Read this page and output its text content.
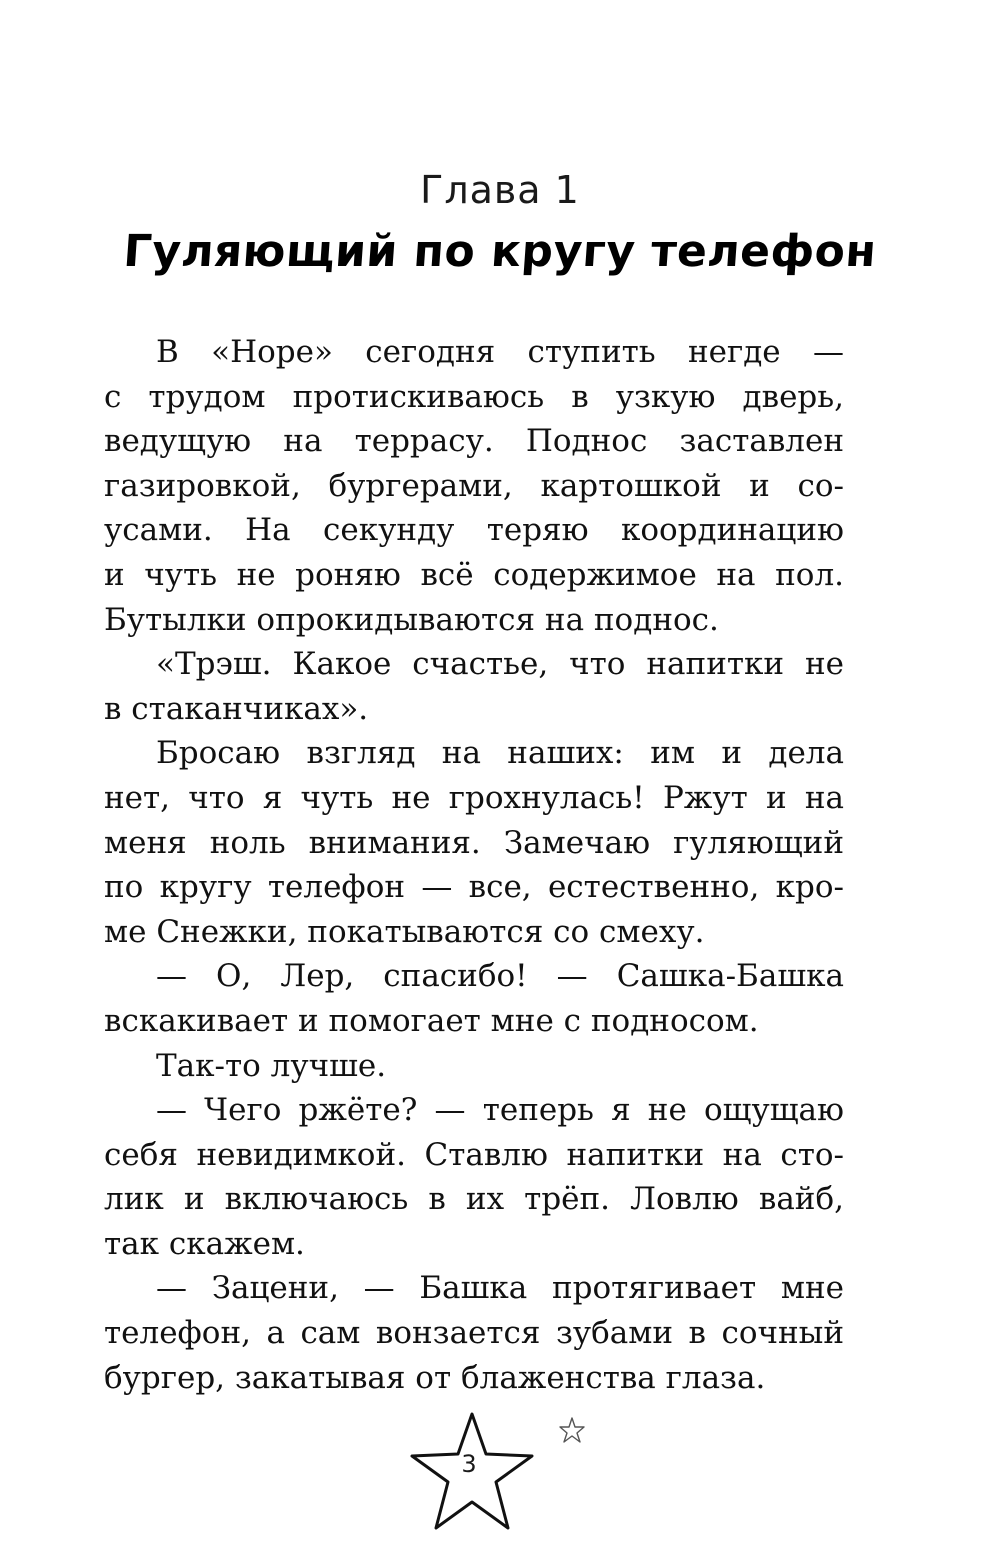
Глава 1
Гуляющий по кругу телефон
В «Норе» сегодня ступить негде —
с трудом протискиваюсь в узкую дверь,
ведущую на террасу. Поднос заставлен
газировкой, бургерами, картошкой и со-
усами. На секунду теряю координацию
и чуть не роняю всё содержимое на пол.
Бутылки опрокидываются на поднос.
«Трэш. Какое счастье, что напитки не
в стаканчиках».
Бросаю взгляд на наших: им и дела
нет, что я чуть не грохнулась! Ржут и на
меня ноль внимания. Замечаю гуляющий
по кругу телефон — все, естественно, кро-
ме Снежки, покатываются со смеху.
— О, Лер, спасибо! — Сашка-Башка
вскакивает и помогает мне с подносом.
Так-то лучше.
— Чего ржёте? — теперь я не ощущаю
себя невидимкой. Ставлю напитки на сто-
лик и включаюсь в их трёп. Ловлю вайб,
так скажем.
— Зацени, — Башка протягивает мне
телефон, а сам вонзается зубами в сочный
бургер, закатывая от блаженства глаза.
3
